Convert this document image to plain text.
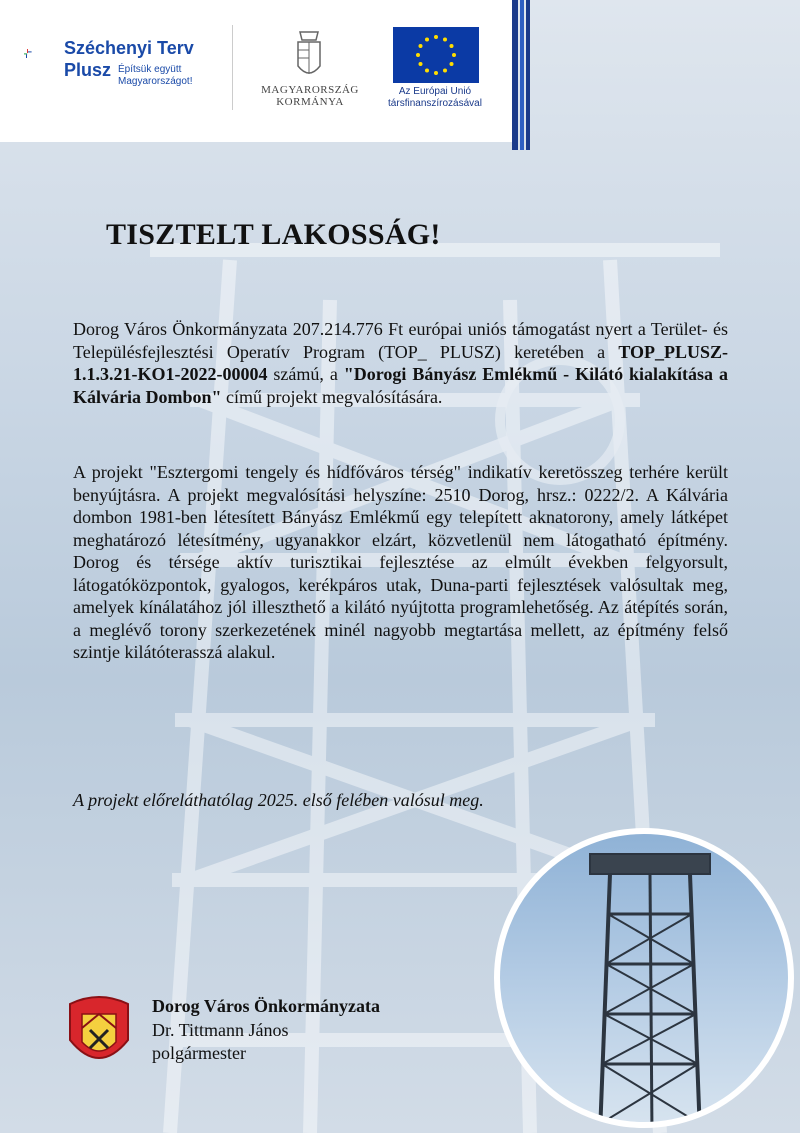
Széchenyi Terv
Plusz Építsük együtt Magyarországot!
MAGYARORSZÁG KORMÁNYA
Az Európai Unió társfinanszírozásával
TISZTELT LAKOSSÁG!
Dorog Város Önkormányzata 207.214.776 Ft európai uniós támogatást nyert a Terület- és Településfejlesztési Operatív Program (TOP_ PLUSZ) keretében a TOP_PLUSZ-1.1.3.21-KO1-2022-00004 számú, a "Dorogi Bányász Emlékmű - Kilátó kialakítása a Kálvária Dombon" című projekt megvalósítására.
A projekt "Esztergomi tengely és hídfőváros térség" indikatív keretösszeg terhére került benyújtásra. A projekt megvalósítási helyszíne: 2510 Dorog, hrsz.: 0222/2. A Kálvária dombon 1981-ben létesített Bányász Emlékmű egy telepített aknatorony, amely látképet meghatározó létesítmény, ugyanakkor elzárt, közvetlenül nem látogatható építmény. Dorog és térsége aktív turisztikai fejlesztése az elmúlt években felgyorsult, látogatóközpontok, gyalogos, kerékpáros utak, Duna-parti fejlesztések valósultak meg, amelyek kínálatához jól illeszthető a kilátó nyújtotta programlehetőség. Az átépítés során, a meglévő torony szerkezetének minél nagyobb megtartása mellett, az építmény felső szintje kilátóterasszá alakul.
A projekt előreláthatólag 2025. első felében valósul meg.
Dorog Város Önkormányzata
Dr. Tittmann János
polgármester
